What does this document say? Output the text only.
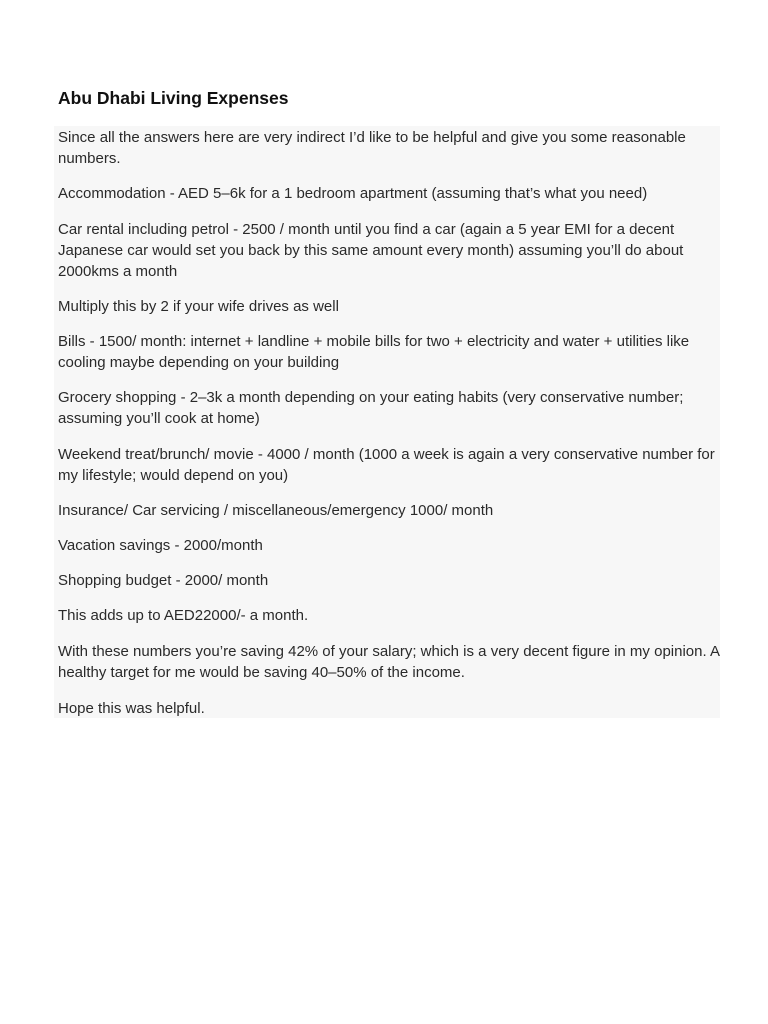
Abu Dhabi Living Expenses

Since all the answers here are very indirect I’d like to be helpful and give you some reasonable numbers.

Accommodation - AED 5–6k for a 1 bedroom apartment (assuming that’s what you need)

Car rental including petrol - 2500 / month until you find a car (again a 5 year EMI for a decent Japanese car would set you back by this same amount every month) assuming you’ll do about 2000kms a month

Multiply this by 2 if your wife drives as well

Bills - 1500/ month: internet + landline + mobile bills for two + electricity and water + utilities like cooling maybe depending on your building

Grocery shopping - 2–3k a month depending on your eating habits (very conservative number; assuming you’ll cook at home)

Weekend treat/brunch/ movie - 4000 / month (1000 a week is again a very conservative number for my lifestyle; would depend on you)

Insurance/ Car servicing / miscellaneous/emergency 1000/ month

Vacation savings - 2000/month

Shopping budget - 2000/ month

This adds up to AED22000/- a month.

With these numbers you’re saving 42% of your salary; which is a very decent figure in my opinion. A healthy target for me would be saving 40–50% of the income.

Hope this was helpful.
